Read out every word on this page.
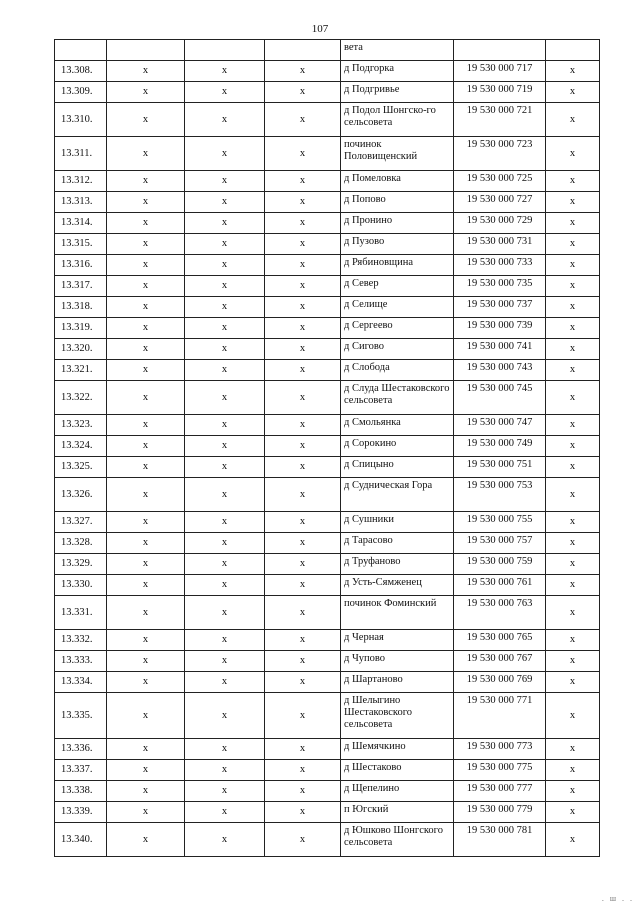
107
				вета		
13.308.	х	х	х	д Подгорка	19 530 000 717	х
13.309.	х	х	х	д Подгривье	19 530 000 719	х
13.310.	х	х	х	д Подол Шонгско-го сельсовета	19 530 000 721	х
13.311.	х	х	х	починок Половищенский	19 530 000 723	х
13.312.	х	х	х	д Помеловка	19 530 000 725	х
13.313.	х	х	х	д Попово	19 530 000 727	х
13.314.	х	х	х	д Пронино	19 530 000 729	х
13.315.	х	х	х	д Пузово	19 530 000 731	х
13.316.	х	х	х	д Рябиновщина	19 530 000 733	х
13.317.	х	х	х	д Север	19 530 000 735	х
13.318.	х	х	х	д Селище	19 530 000 737	х
13.319.	х	х	х	д Сергеево	19 530 000 739	х
13.320.	х	х	х	д Сигово	19 530 000 741	х
13.321.	х	х	х	д Слобода	19 530 000 743	х
13.322.	х	х	х	д Слуда Шестаковского сельсовета	19 530 000 745	х
13.323.	х	х	х	д Смольянка	19 530 000 747	х
13.324.	х	х	х	д Сорокино	19 530 000 749	х
13.325.	х	х	х	д Спицыно	19 530 000 751	х
13.326.	х	х	х	д Судническая Гора	19 530 000 753	х
13.327.	х	х	х	д Сушники	19 530 000 755	х
13.328.	х	х	х	д Тарасово	19 530 000 757	х
13.329.	х	х	х	д Труфаново	19 530 000 759	х
13.330.	х	х	х	д Усть-Сямженец	19 530 000 761	х
13.331.	х	х	х	починок Фоминский	19 530 000 763	х
13.332.	х	х	х	д Черная	19 530 000 765	х
13.333.	х	х	х	д Чупово	19 530 000 767	х
13.334.	х	х	х	д Шартаново	19 530 000 769	х
13.335.	х	х	х	д Шелыгино Шестаковского сельсовета	19 530 000 771	х
13.336.	х	х	х	д Шемячкино	19 530 000 773	х
13.337.	х	х	х	д Шестаково	19 530 000 775	х
13.338.	х	х	х	д Щепелино	19 530 000 777	х
13.339.	х	х	х	п Югский	19 530 000 779	х
13.340.	х	х	х	д Юшково Шонгского сельсовета	19 530 000 781	х
. ш . .
